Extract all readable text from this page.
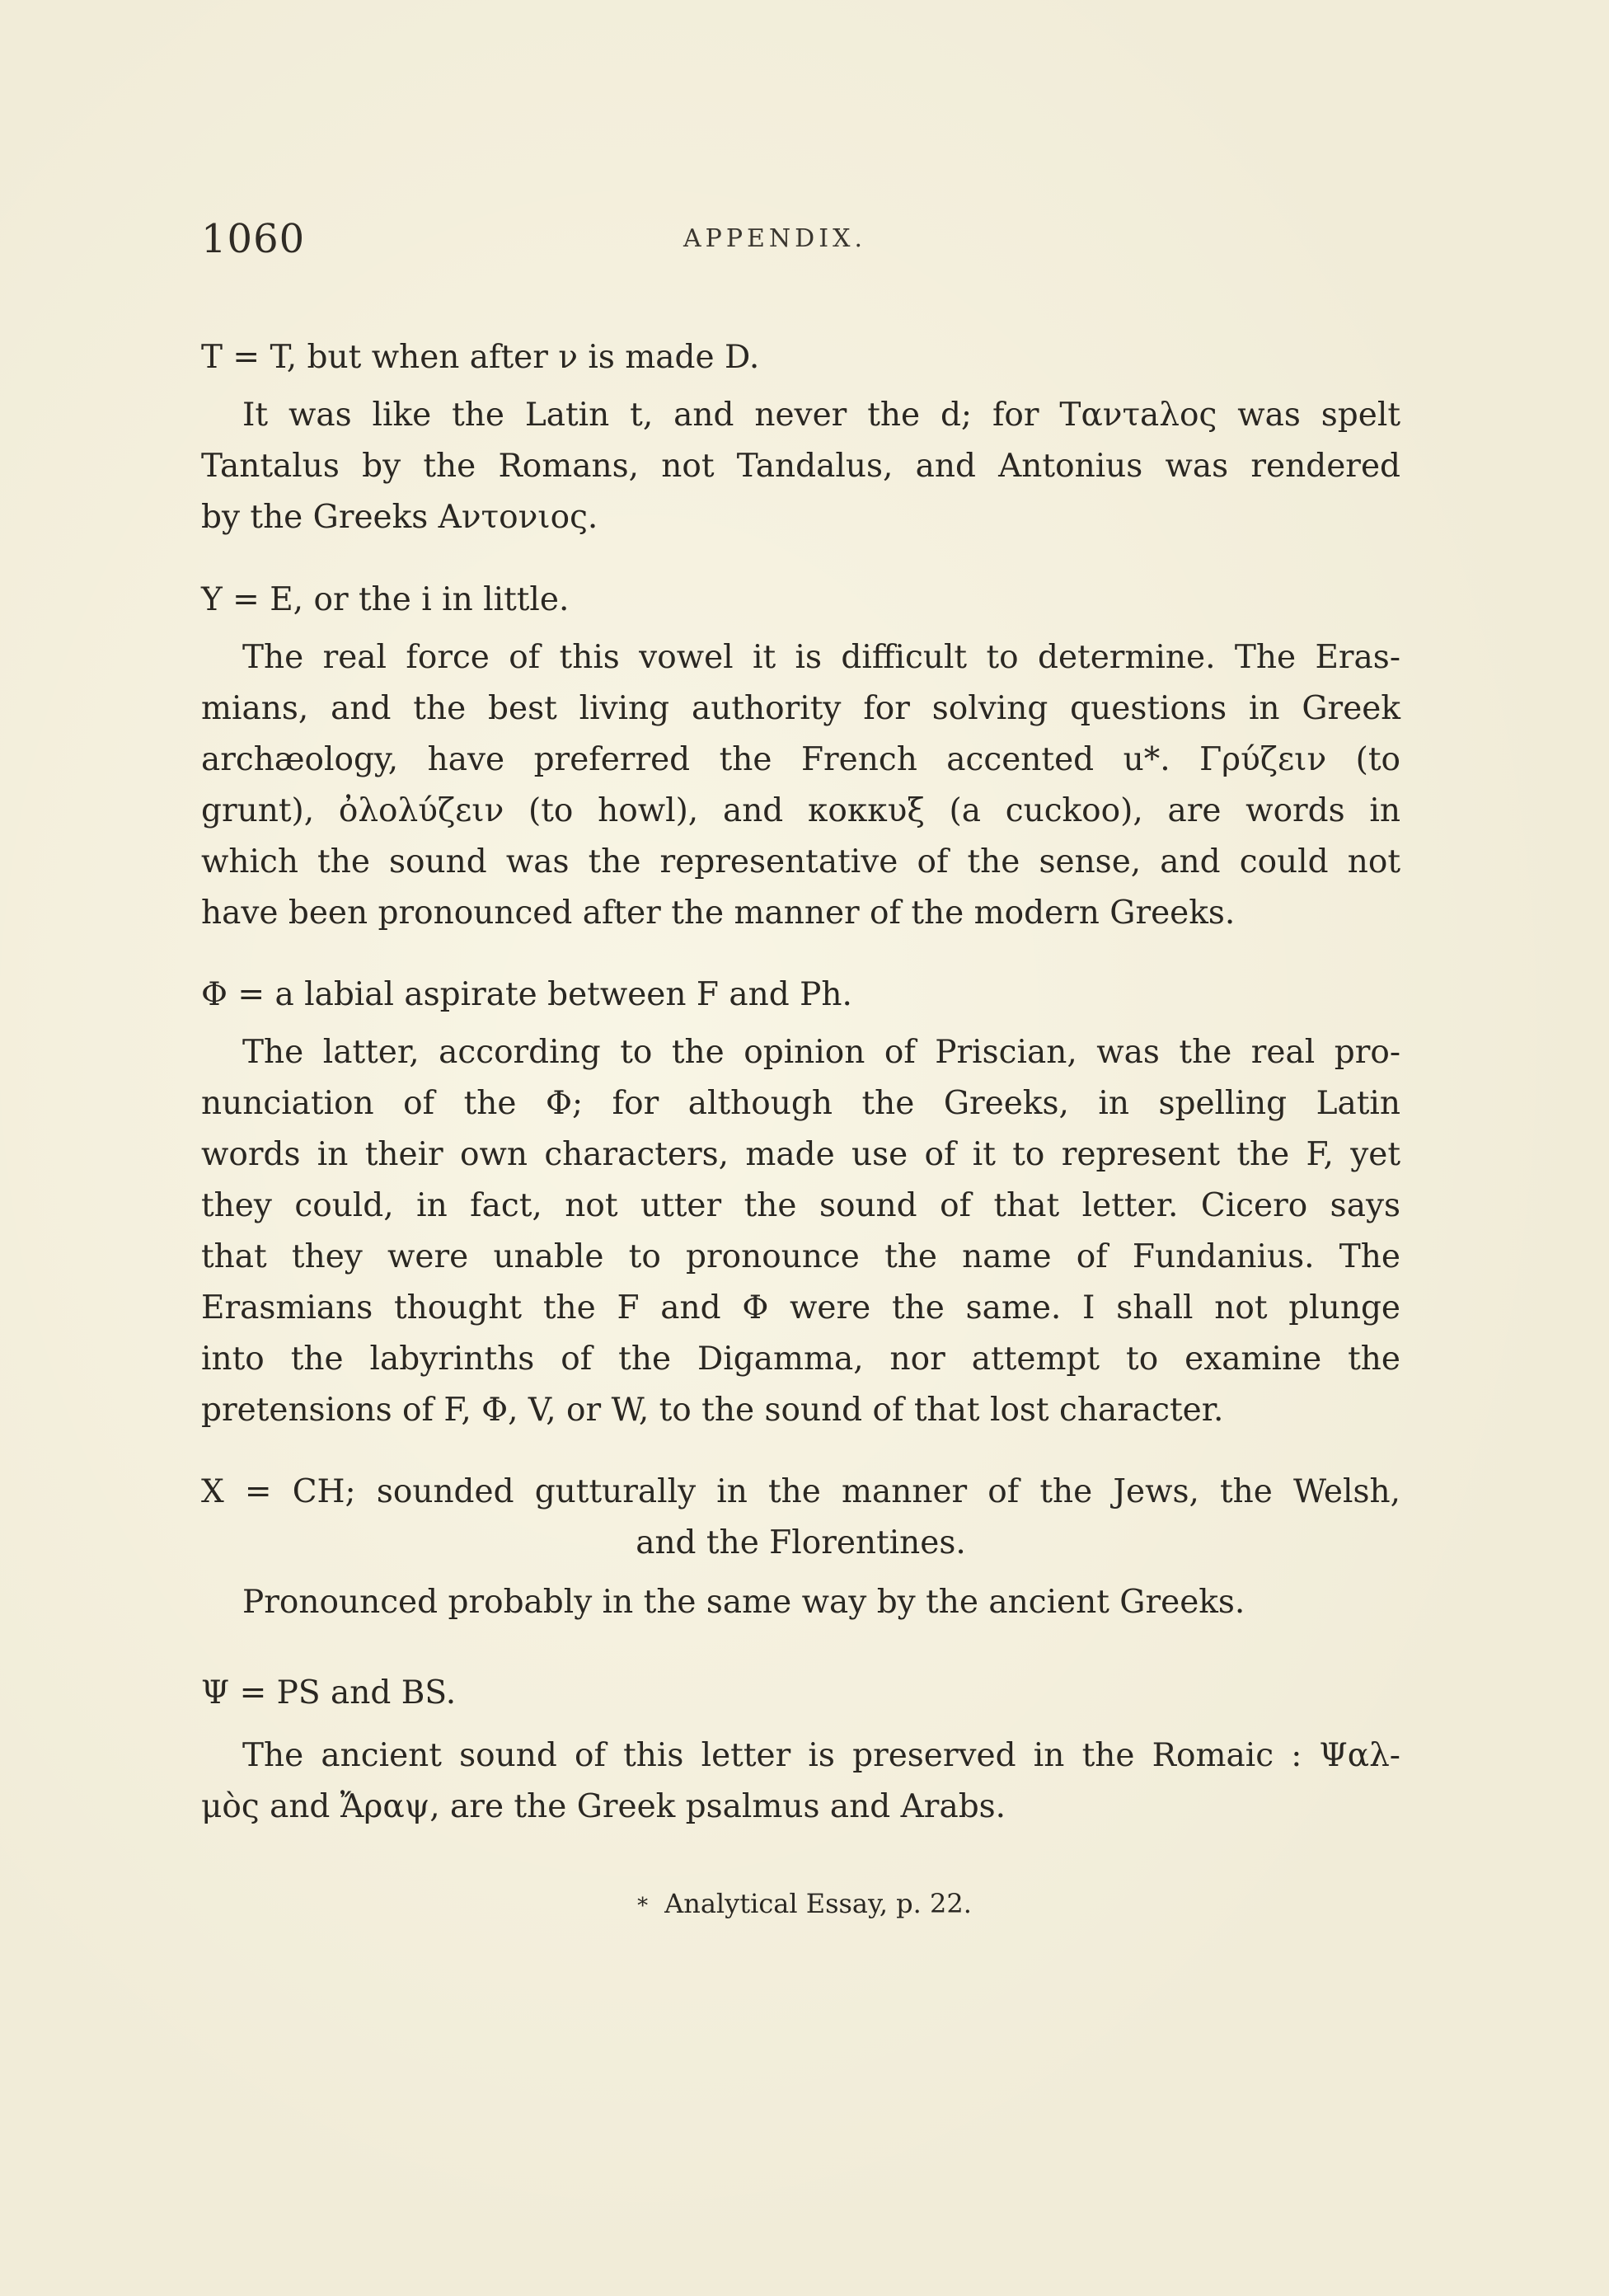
1060	APPENDIX.
T = T, but when after ν is made D.
It was like the Latin t, and never the d; for Ταντaλος was spelt
Tantalus by the Romans, not Tandalus, and Antonius was rendered
by the Greeks Αντονιος.
Υ = E, or the i in little.
The real force of this vowel it is difficult to determine. The Eras-
mians, and the best living authority for solving questions in Greek
archæology, have preferred the French accented u*. Γρύζειν (to
grunt), ὀλολύζειν (to howl), and κοκκυξ (a cuckoo), are words in
which the sound was the representative of the sense, and could not
have been pronounced after the manner of the modern Greeks.
Φ = a labial aspirate between F and Ph.
The latter, according to the opinion of Priscian, was the real pro-
nunciation of the Φ; for although the Greeks, in spelling Latin
words in their own characters, made use of it to represent the F, yet
they could, in fact, not utter the sound of that letter. Cicero says
that they were unable to pronounce the name of Fundanius. The
Erasmians thought the F and Φ were the same. I shall not plunge
into the labyrinths of the Digamma, nor attempt to examine the
pretensions of F, Φ, V, or W, to the sound of that lost character.
X = CH; sounded gutturally in the manner of the Jews, the Welsh,
and the Florentines.
Pronounced probably in the same way by the ancient Greeks.
Ψ = PS and BS.
The ancient sound of this letter is preserved in the Romaic : Ψαλ-
μὸς and Ἄραψ, are the Greek psalmus and Arabs.
* Analytical Essay, p. 22.
